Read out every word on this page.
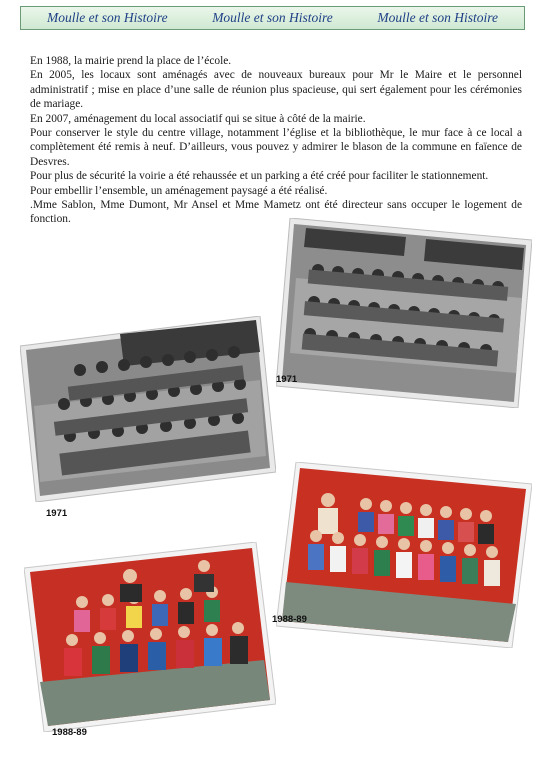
Moulle et son Histoire	Moulle et son Histoire	Moulle et son Histoire

En 1988, la mairie prend la place de l’école.

En 2005, les locaux sont aménagés avec de nouveaux bureaux pour Mr le Maire et le personnel administratif ; mise en place d’une salle de réunion plus spacieuse, qui sert également pour les cérémonies de mariage.

En 2007, aménagement du local associatif qui se situe à côté de la mairie.

Pour conserver le style du centre village, notamment l’église et la bibliothèque, le mur face à ce local a complètement été remis à neuf. D’ailleurs, vous pouvez y admirer le blason de la commune en faïence de Desvres.

Pour plus de sécurité la voirie a été rehaussée et un parking a été créé pour faciliter le stationnement.

Pour embellir l’ensemble, un aménagement paysagé a été réalisé.

.Mme Sablon, Mme Dumont, Mr Ansel et Mme Mametz ont été directeur sans occuper le logement de fonction.

1971
1971
1988-89
1988-89
